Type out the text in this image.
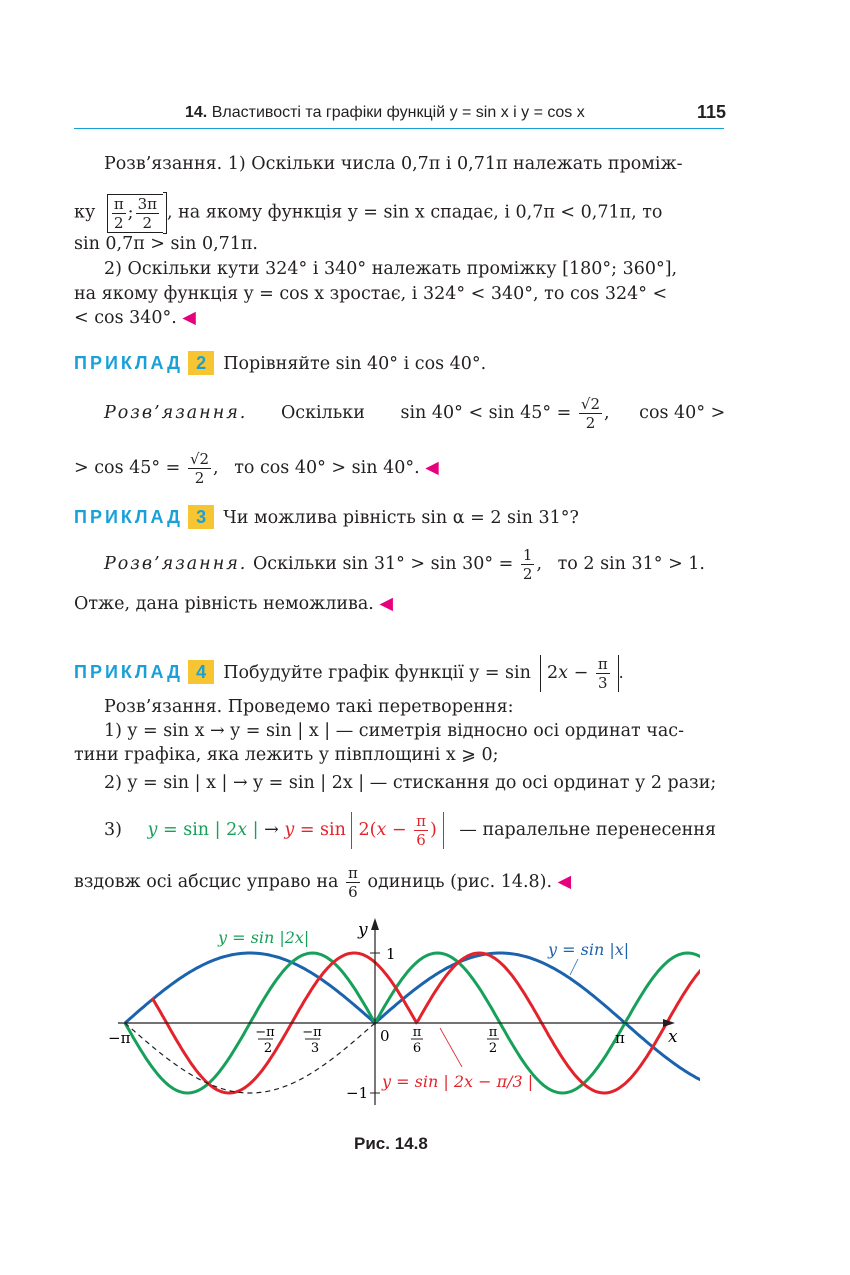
14. Властивості та графіки функцій y = sin x і y = cos x	115
Розв’язання. 1) Оскільки числа 0,7π і 0,71π належать проміж-
ку $\frac{\pi}{2}$ ; $\frac{3\pi}{2}$ , на якому функція y = sin x спадає, і 0,7π < 0,71π, то
sin 0,7π > sin 0,71π.
2) Оскільки кути 324° і 340° належать проміжку [180°; 360°],
на якому функція y = cos x зростає, і 324° < 340°, то cos 324° <
< cos 340°. ◀
ПРИКЛАД 2 Порівняйте sin 40° і cos 40°.
Розв’язання. Оскільки $\sin 40^\circ < \sin 45^\circ = \frac{√2}{2}$ , cos 40° >
> $\cos 45^\circ = \frac{√2}{2}$ , то cos 40° > sin 40°. ◀
ПРИКЛАД 3 Чи можлива рівність sin α = 2 sin 31°?
Розв’язання. Оскільки $\sin 31^\circ > \sin 30^\circ = \frac{1}{2}$ , то 2 sin 31° > 1.
Отже, дана рівність неможлива. ◀
ПРИКЛАД 4 Побудуйте графік функції $y = \sin 2x - \frac{\pi}{3}$ .
Розв’язання. Проведемо такі перетворення:
1) y = sin x → y = sin | x | — симетрія відносно осі ординат час-
тини графіка, яка лежить у півплощині x ⩾ 0;
2) y = sin | x | → y = sin | 2x | — стискання до осі ординат у 2 рази;
3) y = sin | 2x | → $y = \sin 2(x - \frac{\pi}{6}$ ) — паралельне перенесення
вздовж осі абсцис управо на $\frac{\pi}{6}$ одиниць (рис. 14.8). ◀
x
y
1
−1
0
−π	π
−π
2
−π
3
π
6
π
2
y = sin |2x|
y = sin |x|
y = sin | 2x − π/3 |
Рис. 14.8
